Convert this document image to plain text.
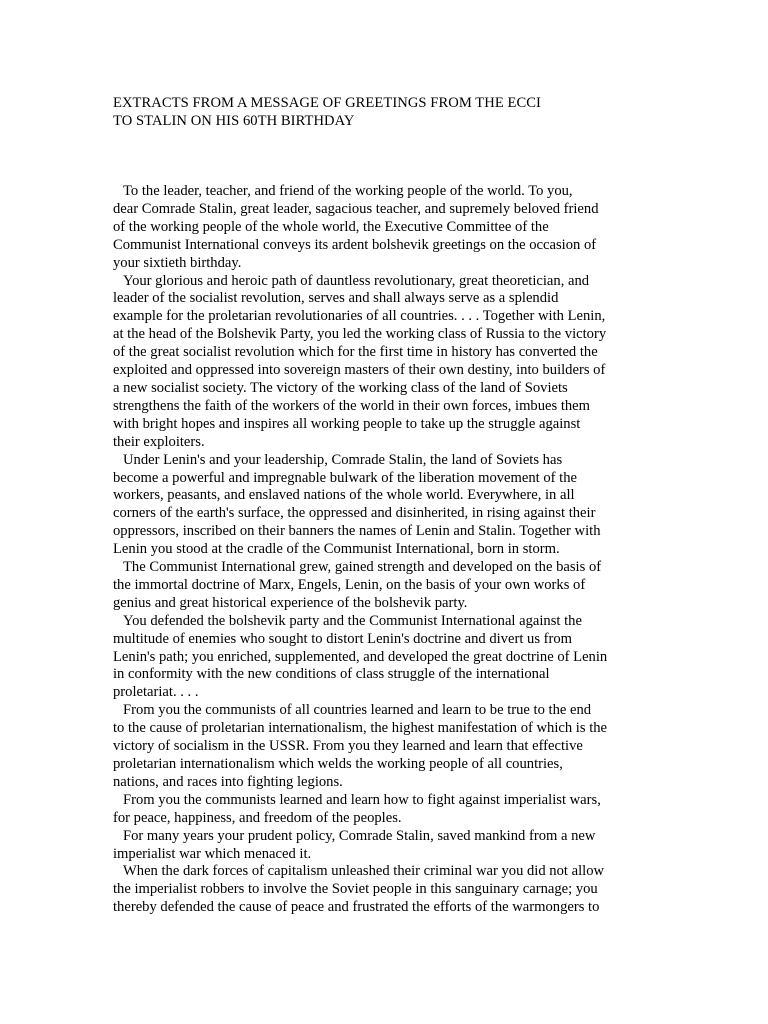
EXTRACTS FROM A MESSAGE OF GREETINGS FROM THE ECCI
TO STALIN ON HIS 60TH BIRTHDAY
To the leader, teacher, and friend of the working people of the world. To you,
dear Comrade Stalin, great leader, sagacious teacher, and supremely beloved friend
of the working people of the whole world, the Executive Committee of the
Communist International conveys its ardent bolshevik greetings on the occasion of
your sixtieth birthday.
Your glorious and heroic path of dauntless revolutionary, great theoretician, and
leader of the socialist revolution, serves and shall always serve as a splendid
example for the proletarian revolutionaries of all countries. . . . Together with Lenin,
at the head of the Bolshevik Party, you led the working class of Russia to the victory
of the great socialist revolution which for the first time in history has converted the
exploited and oppressed into sovereign masters of their own destiny, into builders of
a new socialist society. The victory of the working class of the land of Soviets
strengthens the faith of the workers of the world in their own forces, imbues them
with bright hopes and inspires all working people to take up the struggle against
their exploiters.
Under Lenin's and your leadership, Comrade Stalin, the land of Soviets has
become a powerful and impregnable bulwark of the liberation movement of the
workers, peasants, and enslaved nations of the whole world. Everywhere, in all
corners of the earth's surface, the oppressed and disinherited, in rising against their
oppressors, inscribed on their banners the names of Lenin and Stalin. Together with
Lenin you stood at the cradle of the Communist International, born in storm.
The Communist International grew, gained strength and developed on the basis of
the immortal doctrine of Marx, Engels, Lenin, on the basis of your own works of
genius and great historical experience of the bolshevik party.
You defended the bolshevik party and the Communist International against the
multitude of enemies who sought to distort Lenin's doctrine and divert us from
Lenin's path; you enriched, supplemented, and developed the great doctrine of Lenin
in conformity with the new conditions of class struggle of the international
proletariat. . . .
From you the communists of all countries learned and learn to be true to the end
to the cause of proletarian internationalism, the highest manifestation of which is the
victory of socialism in the USSR. From you they learned and learn that effective
proletarian internationalism which welds the working people of all countries,
nations, and races into fighting legions.
From you the communists learned and learn how to fight against imperialist wars,
for peace, happiness, and freedom of the peoples.
For many years your prudent policy, Comrade Stalin, saved mankind from a new
imperialist war which menaced it.
When the dark forces of capitalism unleashed their criminal war you did not allow
the imperialist robbers to involve the Soviet people in this sanguinary carnage; you
thereby defended the cause of peace and frustrated the efforts of the warmongers to
